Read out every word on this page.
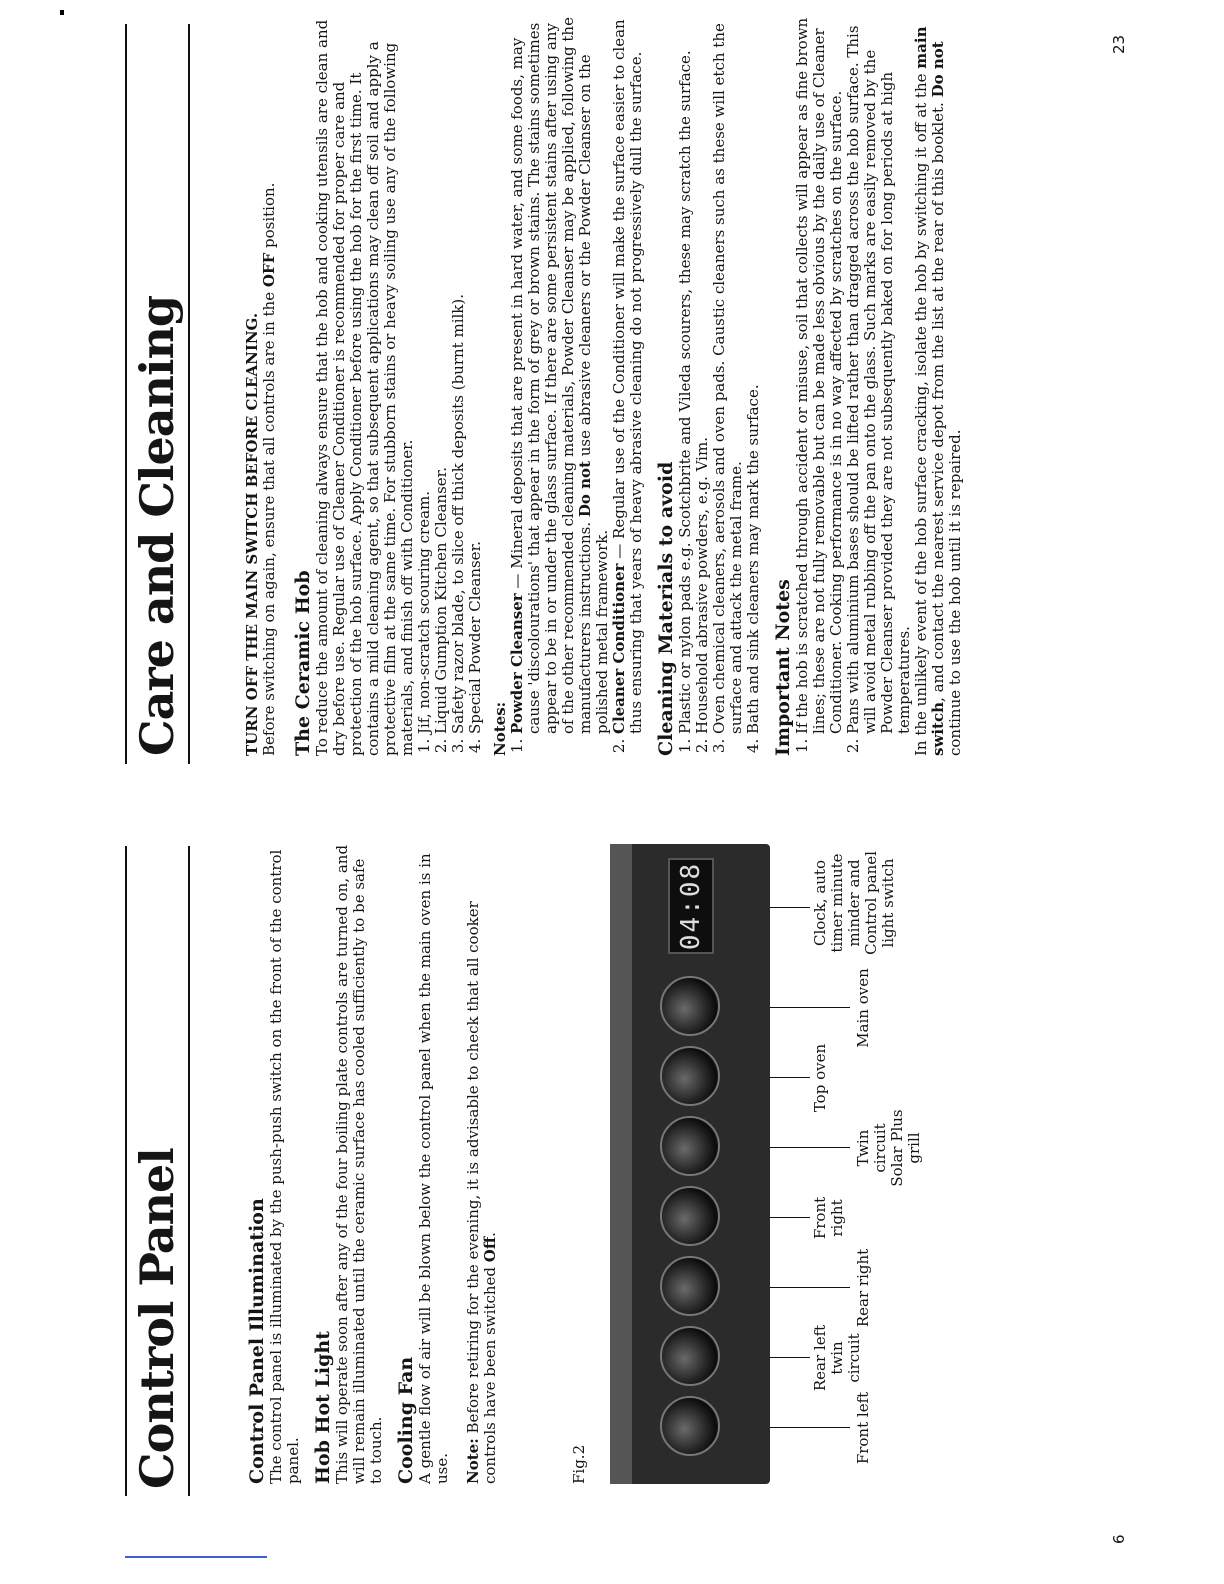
6
Control Panel	Control Panel Illumination The control panel is illuminated by the push-push switch on the front of the control panel. Hob Hot Light This will operate soon after any of the four boiling plate controls are turned on, and will remain illuminated until the ceramic surface has cooled sufficiently to be safe to touch. Cooling Fan A gentle flow of air will be blown below the control panel when the main oven is in use. Note: Before retiring for the evening, it is advisable to check that all cooker controls have been switched Off.

Fig.2
04:08
Front left
Rear left twin circuit
Rear right
Front right
Twin circuit Solar Plus grill
Top oven
Main oven
Clock, auto timer minute minder and Control panel light switch
Care and Cleaning
23

TURN OFF THE MAIN SWITCH BEFORE CLEANING. Before switching on again, ensure that all controls are in the OFF position.

The Ceramic Hob To reduce the amount of cleaning always ensure that the hob and cooking utensils are clean and dry before use. Regular use of Cleaner Conditioner is recommended for proper care and protection of the hob surface. Apply Conditioner before using the hob for the first time. It contains a mild cleaning agent, so that subsequent applications may clean off soil and apply a protective film at the same time. For stubborn stains or heavy soiling use any of the following materials, and finish off with Conditioner. 1. Jif, non-scratch scouring cream. 2. Liquid Gumption Kitchen Cleanser. 3. Safety razor blade, to slice off thick deposits (burnt milk). 4. Special Powder Cleanser. Notes: 1. Powder Cleanser — Mineral deposits that are present in hard water, and some foods, may cause 'discolourations' that appear in the form of grey or brown stains. The stains sometimes appear to be in or under the glass surface. If there are some persistent stains after using any of the other recommended cleaning materials, Powder Cleanser may be applied, following the manufacturers instructions. Do not use abrasive cleaners or the Powder Cleanser on the polished metal framework. 2. Cleaner Conditioner — Regular use of the Conditioner will make the surface easier to clean thus ensuring that years of heavy abrasive cleaning do not progressively dull the surface. Cleaning Materials to avoid 1. Plastic or nylon pads e.g. Scotchbrite and Vileda scourers, these may scratch the surface. 2. Household abrasive powders, e.g. Vim. 3. Oven chemical cleaners, aerosols and oven pads. Caustic cleaners such as these will etch the surface and attack the metal frame. 4. Bath and sink cleaners may mark the surface. Important Notes 1. If the hob is scratched through accident or misuse, soil that collects will appear as fine brown lines; these are not fully removable but can be made less obvious by the daily use of Cleaner Conditioner. Cooking performance is in no way affected by scratches on the surface. 2. Pans with aluminium bases should be lifted rather than dragged across the hob surface. This will avoid metal rubbing off the pan onto the glass. Such marks are easily removed by the Powder Cleanser provided they are not subsequently baked on for long periods at high temperatures. In the unlikely event of the hob surface cracking, isolate the hob by switching it off at the main switch, and contact the nearest service depot from the list at the rear of this booklet. Do not continue to use the hob until it is repaired.
